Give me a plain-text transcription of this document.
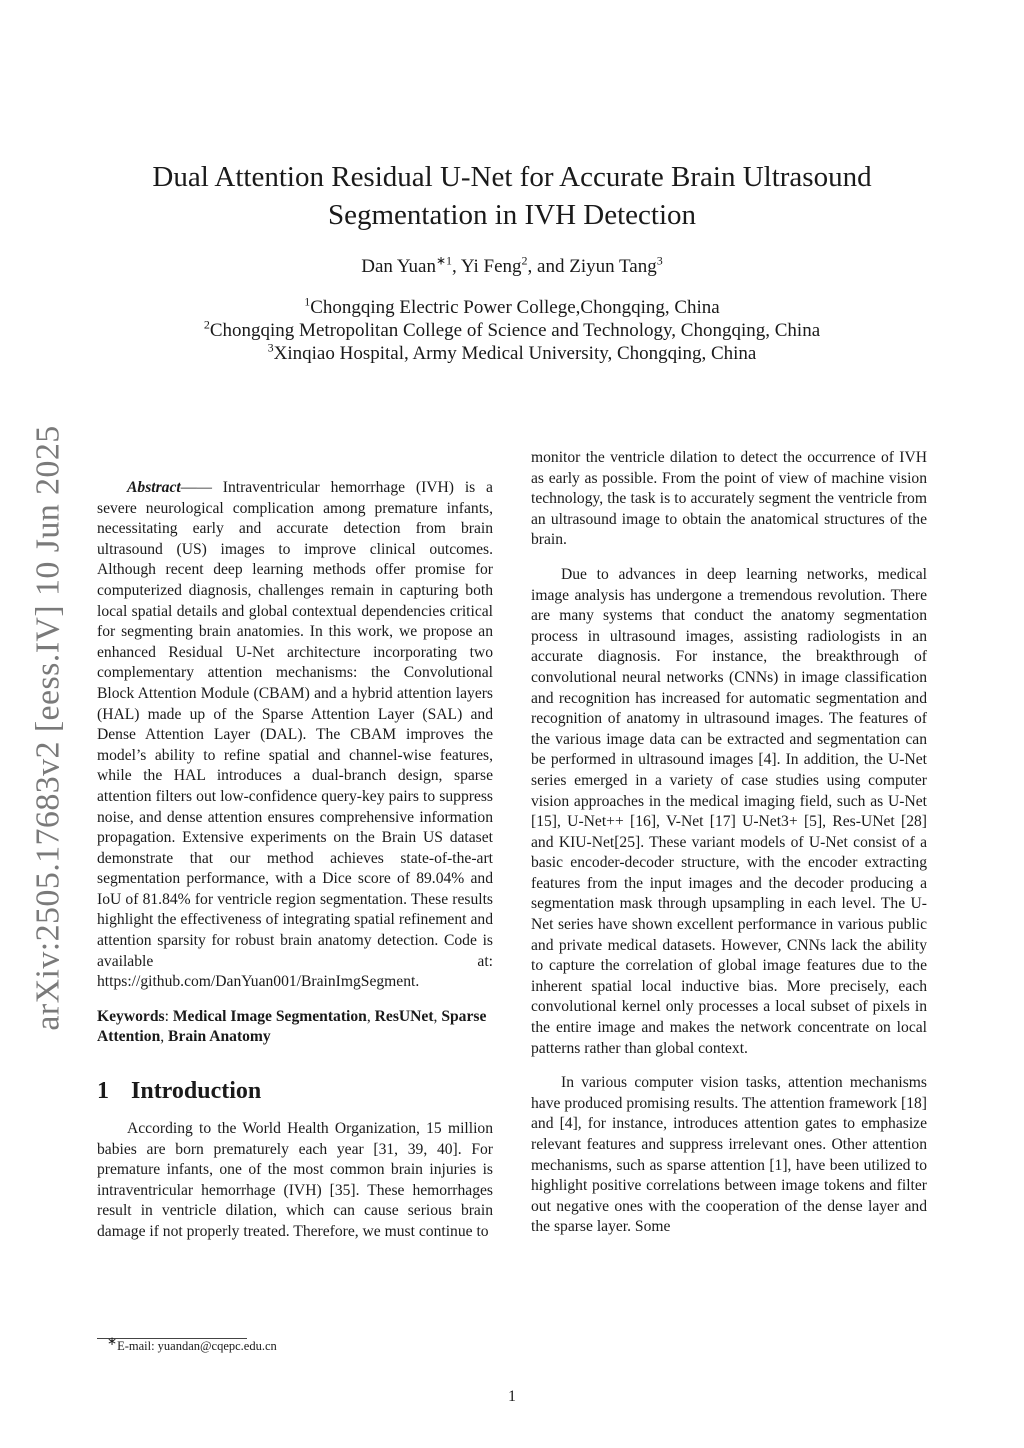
arXiv:2505.17683v2 [eess.IV] 10 Jun 2025
Dual Attention Residual U-Net for Accurate Brain Ultrasound
Segmentation in IVH Detection
Dan Yuan$^{∗1}$, Yi Feng$^2$, and Ziyun Tang$^3$
$^1$Chongqing Electric Power College,Chongqing, China
$^2$Chongqing Metropolitan College of Science and Technology, Chongqing, China
$^3$Xinqiao Hospital, Army Medical University, Chongqing, China

Abstract—— Intraventricular hemorrhage (IVH) is a severe neurological complication among premature infants, necessitating early and accurate detection from brain ultrasound (US) images to improve clinical outcomes. Although recent deep learning methods offer promise for computerized diagnosis, challenges remain in capturing both local spatial details and global contextual dependencies critical for segmenting brain anatomies. In this work, we propose an enhanced Residual U-Net architecture incorporating two complementary attention mechanisms: the Convolutional Block Attention Module (CBAM) and a hybrid attention layers (HAL) made up of the Sparse Attention Layer (SAL) and Dense Attention Layer (DAL). The CBAM improves the model’s ability to refine spatial and channel-wise features, while the HAL introduces a dual-branch design, sparse attention filters out low-confidence query-key pairs to suppress noise, and dense attention ensures comprehensive information propagation. Extensive experiments on the Brain US dataset demonstrate that our method achieves state-of-the-art segmentation performance, with a Dice score of 89.04% and IoU of 81.84% for ventricle region segmentation. These results highlight the effectiveness of integrating spatial refinement and attention sparsity for robust brain anatomy detection. Code is available at: https://github.com/DanYuan001/BrainImgSegment.

Keywords: Medical Image Segmentation, ResUNet, Sparse Attention, Brain Anatomy
1 Introduction

According to the World Health Organization, 15 million babies are born prematurely each year [31, 39, 40]. For premature infants, one of the most common brain injuries is intraventricular hemorrhage (IVH) [35]. These hemorrhages result in ventricle dilation, which can cause serious brain damage if not properly treated. Therefore, we must continue to

monitor the ventricle dilation to detect the occurrence of IVH as early as possible. From the point of view of machine vision technology, the task is to accurately segment the ventricle from an ultrasound image to obtain the anatomical structures of the brain.

Due to advances in deep learning networks, medical image analysis has undergone a tremendous revolution. There are many systems that conduct the anatomy segmentation process in ultrasound images, assisting radiologists in an accurate diagnosis. For instance, the breakthrough of convolutional neural networks (CNNs) in image classification and recognition has increased for automatic segmentation and recognition of anatomy in ultrasound images. The features of the various image data can be extracted and segmentation can be performed in ultrasound images [4]. In addition, the U-Net series emerged in a variety of case studies using computer vision approaches in the medical imaging field, such as U-Net [15], U-Net++ [16], V-Net [17] U-Net3+ [5], Res-UNet [28] and KIU-Net[25]. These variant models of U-Net consist of a basic encoder-decoder structure, with the encoder extracting features from the input images and the decoder producing a segmentation mask through upsampling in each level. The U-Net series have shown excellent performance in various public and private medical datasets. However, CNNs lack the ability to capture the correlation of global image features due to the inherent spatial local inductive bias. More precisely, each convolutional kernel only processes a local subset of pixels in the entire image and makes the network concentrate on local patterns rather than global context.

In various computer vision tasks, attention mechanisms have produced promising results. The attention framework [18] and [4], for instance, introduces attention gates to emphasize relevant features and suppress irrelevant ones. Other attention mechanisms, such as sparse attention [1], have been utilized to highlight positive correlations between image tokens and filter out negative ones with the cooperation of the dense layer and the sparse layer. Some

∗E-mail: yuandan@cqepc.edu.cn
1
